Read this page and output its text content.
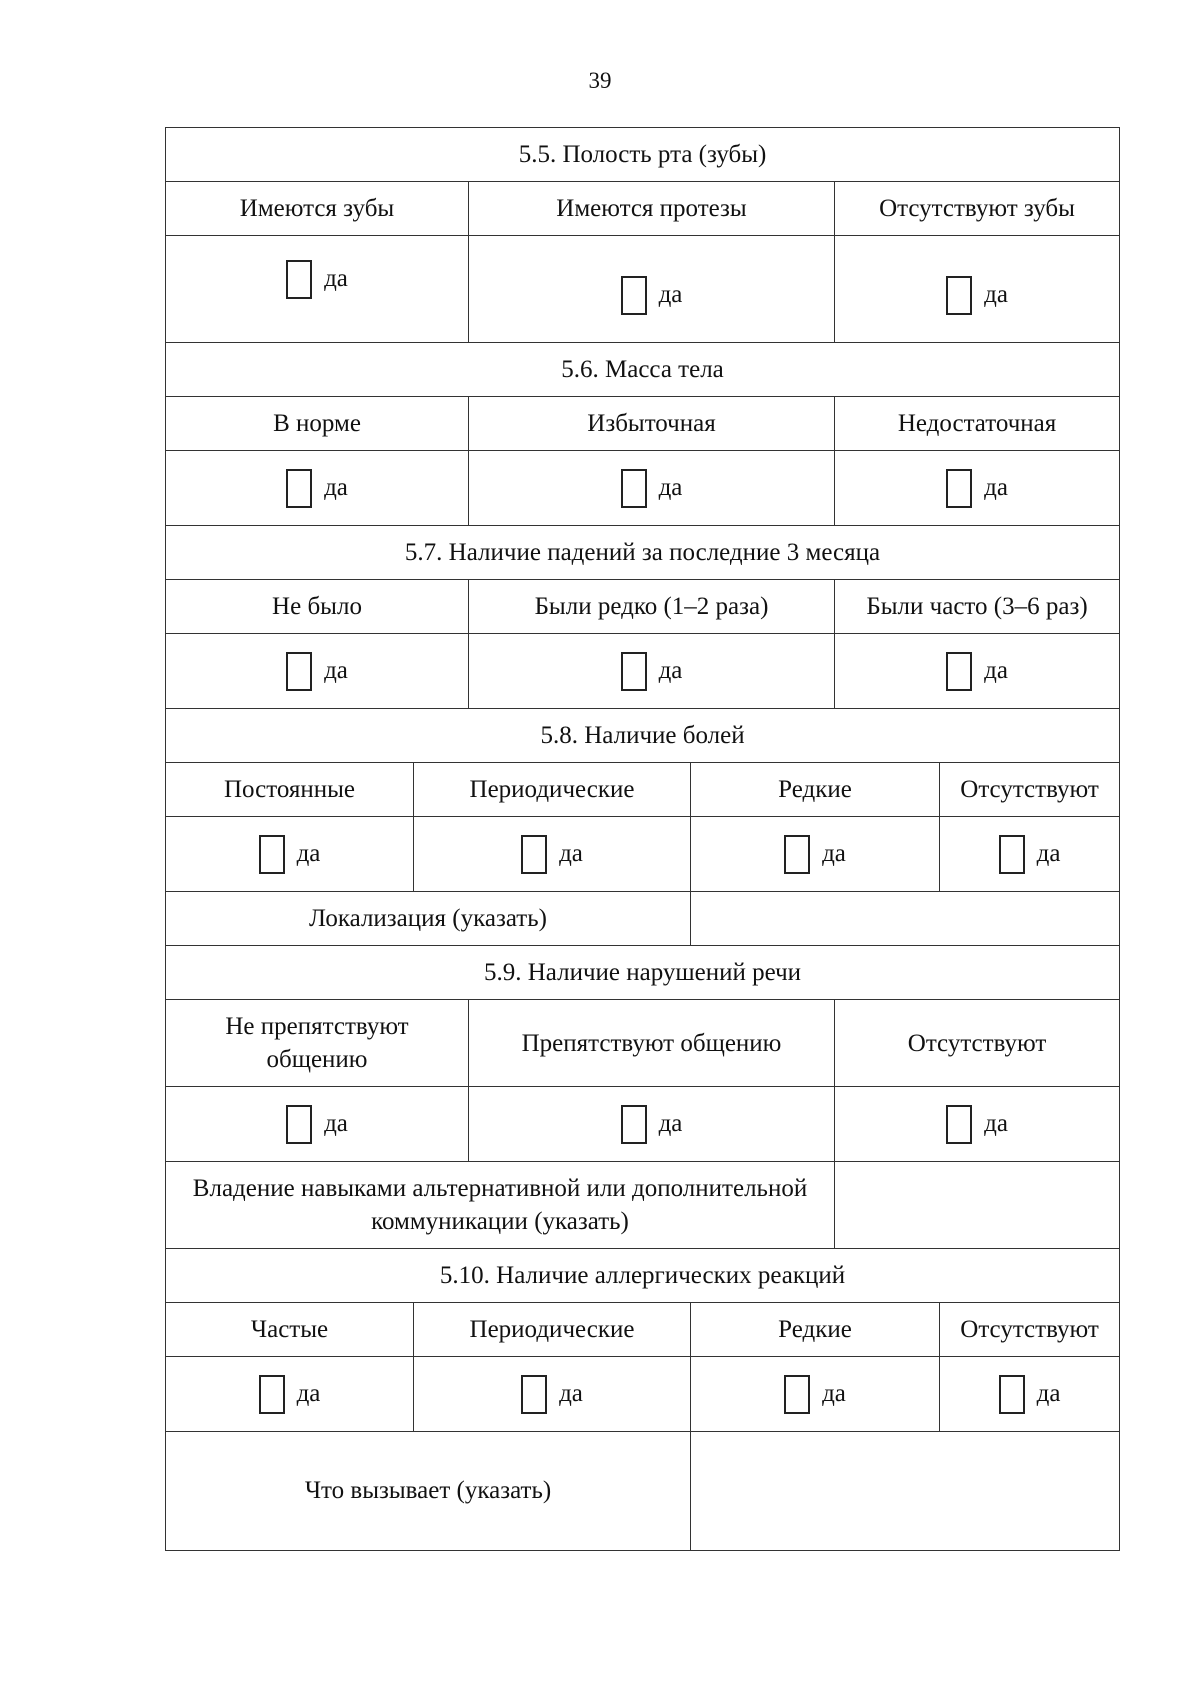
39
5.5. Полость рта (зубы)					
Имеются зубы		Имеются протезы		Отсутствуют зубы	
да		да		да	
5.6. Масса тела					
В норме		Избыточная		Недостаточная	
да		да		да	
5.7. Наличие падений за последние 3 месяца					
Не было		Были редко (1–2 раза)		Были часто (3–6 раз)	
да		да		да	
5.8. Наличие болей					
Постоянные	Периодические		Редкие		Отсутствуют
да	да		да		да
Локализация (указать)					
5.9. Наличие нарушений речи					
Не препятствуют общению		Препятствуют общению		Отсутствуют	
да		да		да	
Владение навыками альтернативной или дополнительной коммуникации (указать)					
5.10. Наличие аллергических реакций					
Частые	Периодические		Редкие		Отсутствуют
да	да		да		да
Что вызывает (указать)					
